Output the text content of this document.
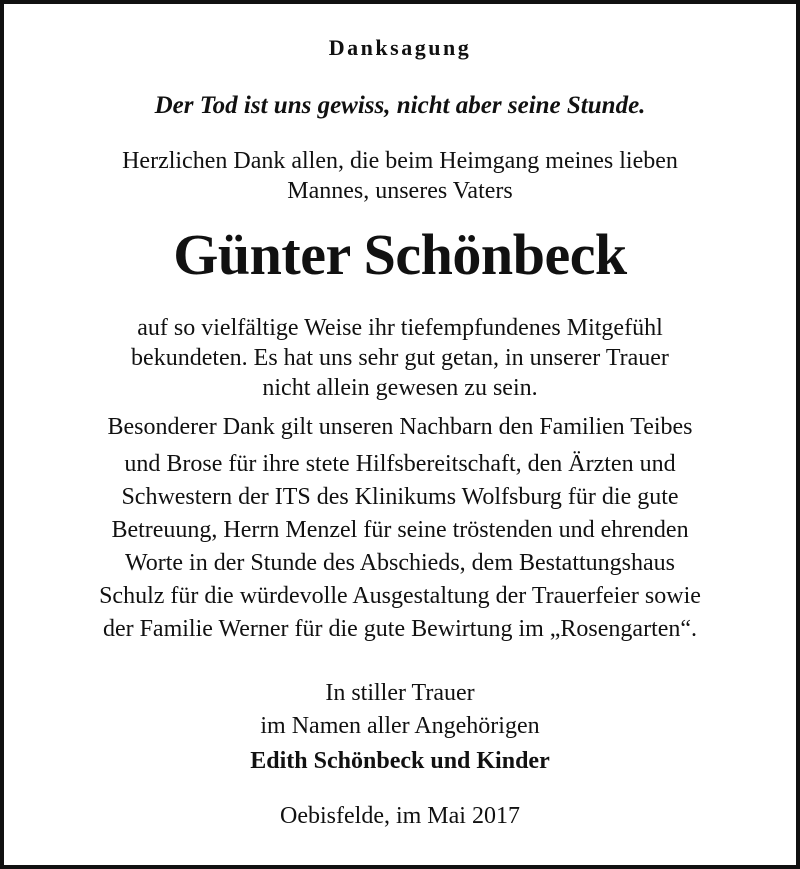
Danksagung

Der Tod ist uns gewiss, nicht aber seine Stunde.

Herzlichen Dank allen, die beim Heimgang meines lieben

Mannes, unseres Vaters

Günter Schönbeck

auf so vielfältige Weise ihr tiefempfundenes Mitgefühl

bekundeten. Es hat uns sehr gut getan, in unserer Trauer

nicht allein gewesen zu sein.

Besonderer Dank gilt unseren Nachbarn den Familien Teibes

und Brose für ihre stete Hilfsbereitschaft, den Ärzten und

Schwestern der ITS des Klinikums Wolfsburg für die gute

Betreuung, Herrn Menzel für seine tröstenden und ehrenden

Worte in der Stunde des Abschieds, dem Bestattungshaus

Schulz für die würdevolle Ausgestaltung der Trauerfeier sowie

der Familie Werner für die gute Bewirtung im „Rosengarten“.

In stiller Trauer

im Namen aller Angehörigen

Edith Schönbeck und Kinder

Oebisfelde, im Mai 2017
